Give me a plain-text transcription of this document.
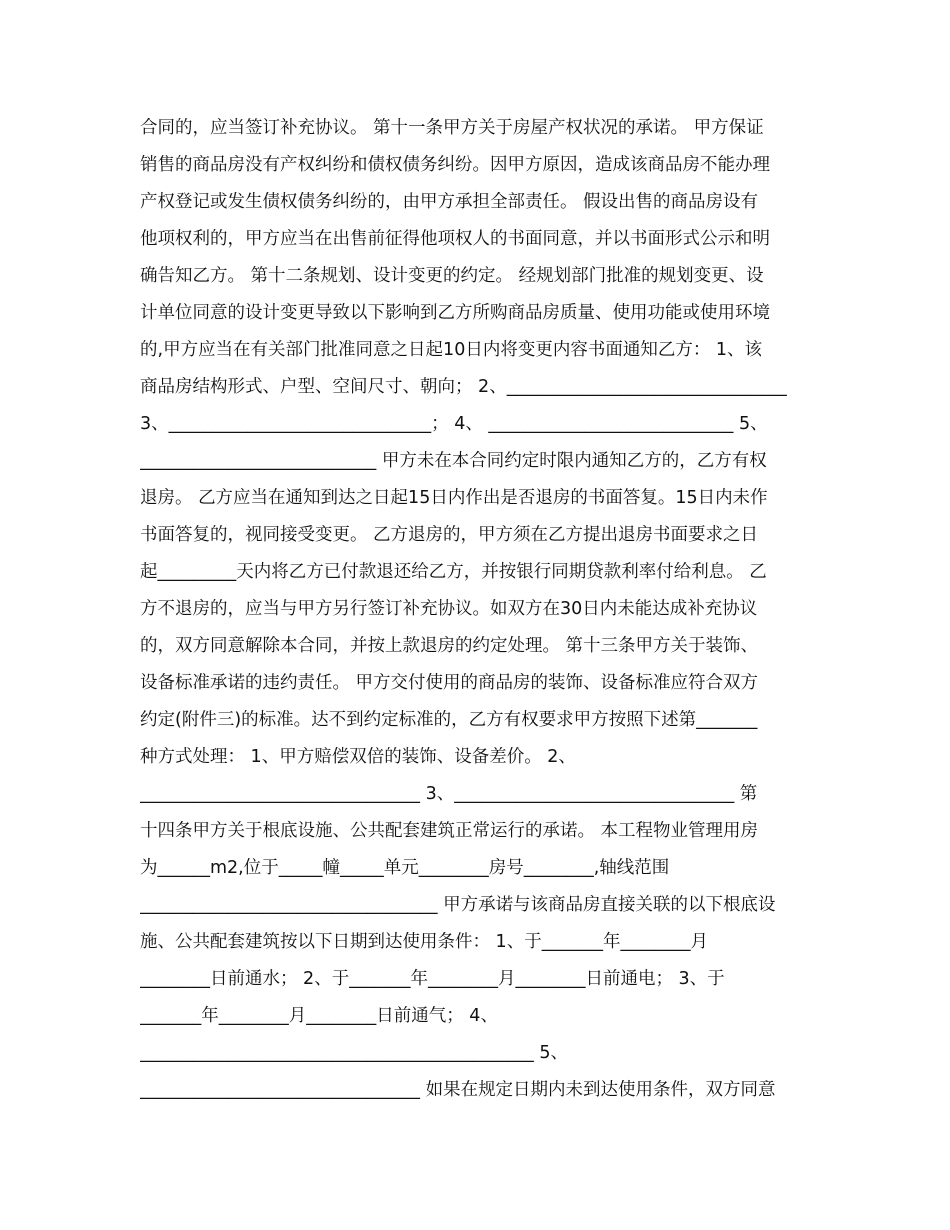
合同的，应当签订补充协议。 第十一条甲方关于房屋产权状况的承诺。 甲方保证
销售的商品房没有产权纠纷和债权债务纠纷。因甲方原因，造成该商品房不能办理
产权登记或发生债权债务纠纷的，由甲方承担全部责任。 假设出售的商品房设有
他项权利的，甲方应当在出售前征得他项权人的书面同意，并以书面形式公示和明
确告知乙方。 第十二条规划、设计变更的约定。 经规划部门批准的规划变更、设
计单位同意的设计变更导致以下影响到乙方所购商品房质量、使用功能或使用环境
的,甲方应当在有关部门批准同意之日起10日内将变更内容书面通知乙方： 1、该
商品房结构形式、户型、空间尺寸、朝向； 2、________________________________
3、______________________________； 4、 ____________________________ 5、
___________________________ 甲方未在本合同约定时限内通知乙方的，乙方有权
退房。 乙方应当在通知到达之日起15日内作出是否退房的书面答复。15日内未作
书面答复的，视同接受变更。 乙方退房的，甲方须在乙方提出退房书面要求之日
起_________天内将乙方已付款退还给乙方，并按银行同期贷款利率付给利息。 乙
方不退房的，应当与甲方另行签订补充协议。如双方在30日内未能达成补充协议
的，双方同意解除本合同，并按上款退房的约定处理。 第十三条甲方关于装饰、
设备标准承诺的违约责任。 甲方交付使用的商品房的装饰、设备标准应符合双方
约定(附件三)的标准。达不到约定标准的，乙方有权要求甲方按照下述第_______
种方式处理： 1、甲方赔偿双倍的装饰、设备差价。 2、
________________________________ 3、________________________________ 第
十四条甲方关于根底设施、公共配套建筑正常运行的承诺。 本工程物业管理用房
为______m2,位于_____幢_____单元________房号________,轴线范围
__________________________________ 甲方承诺与该商品房直接关联的以下根底设
施、公共配套建筑按以下日期到达使用条件： 1、于_______年________月
________日前通水； 2、于_______年________月________日前通电； 3、于
_______年________月________日前通气； 4、
_____________________________________________ 5、
________________________________ 如果在规定日期内未到达使用条件，双方同意
